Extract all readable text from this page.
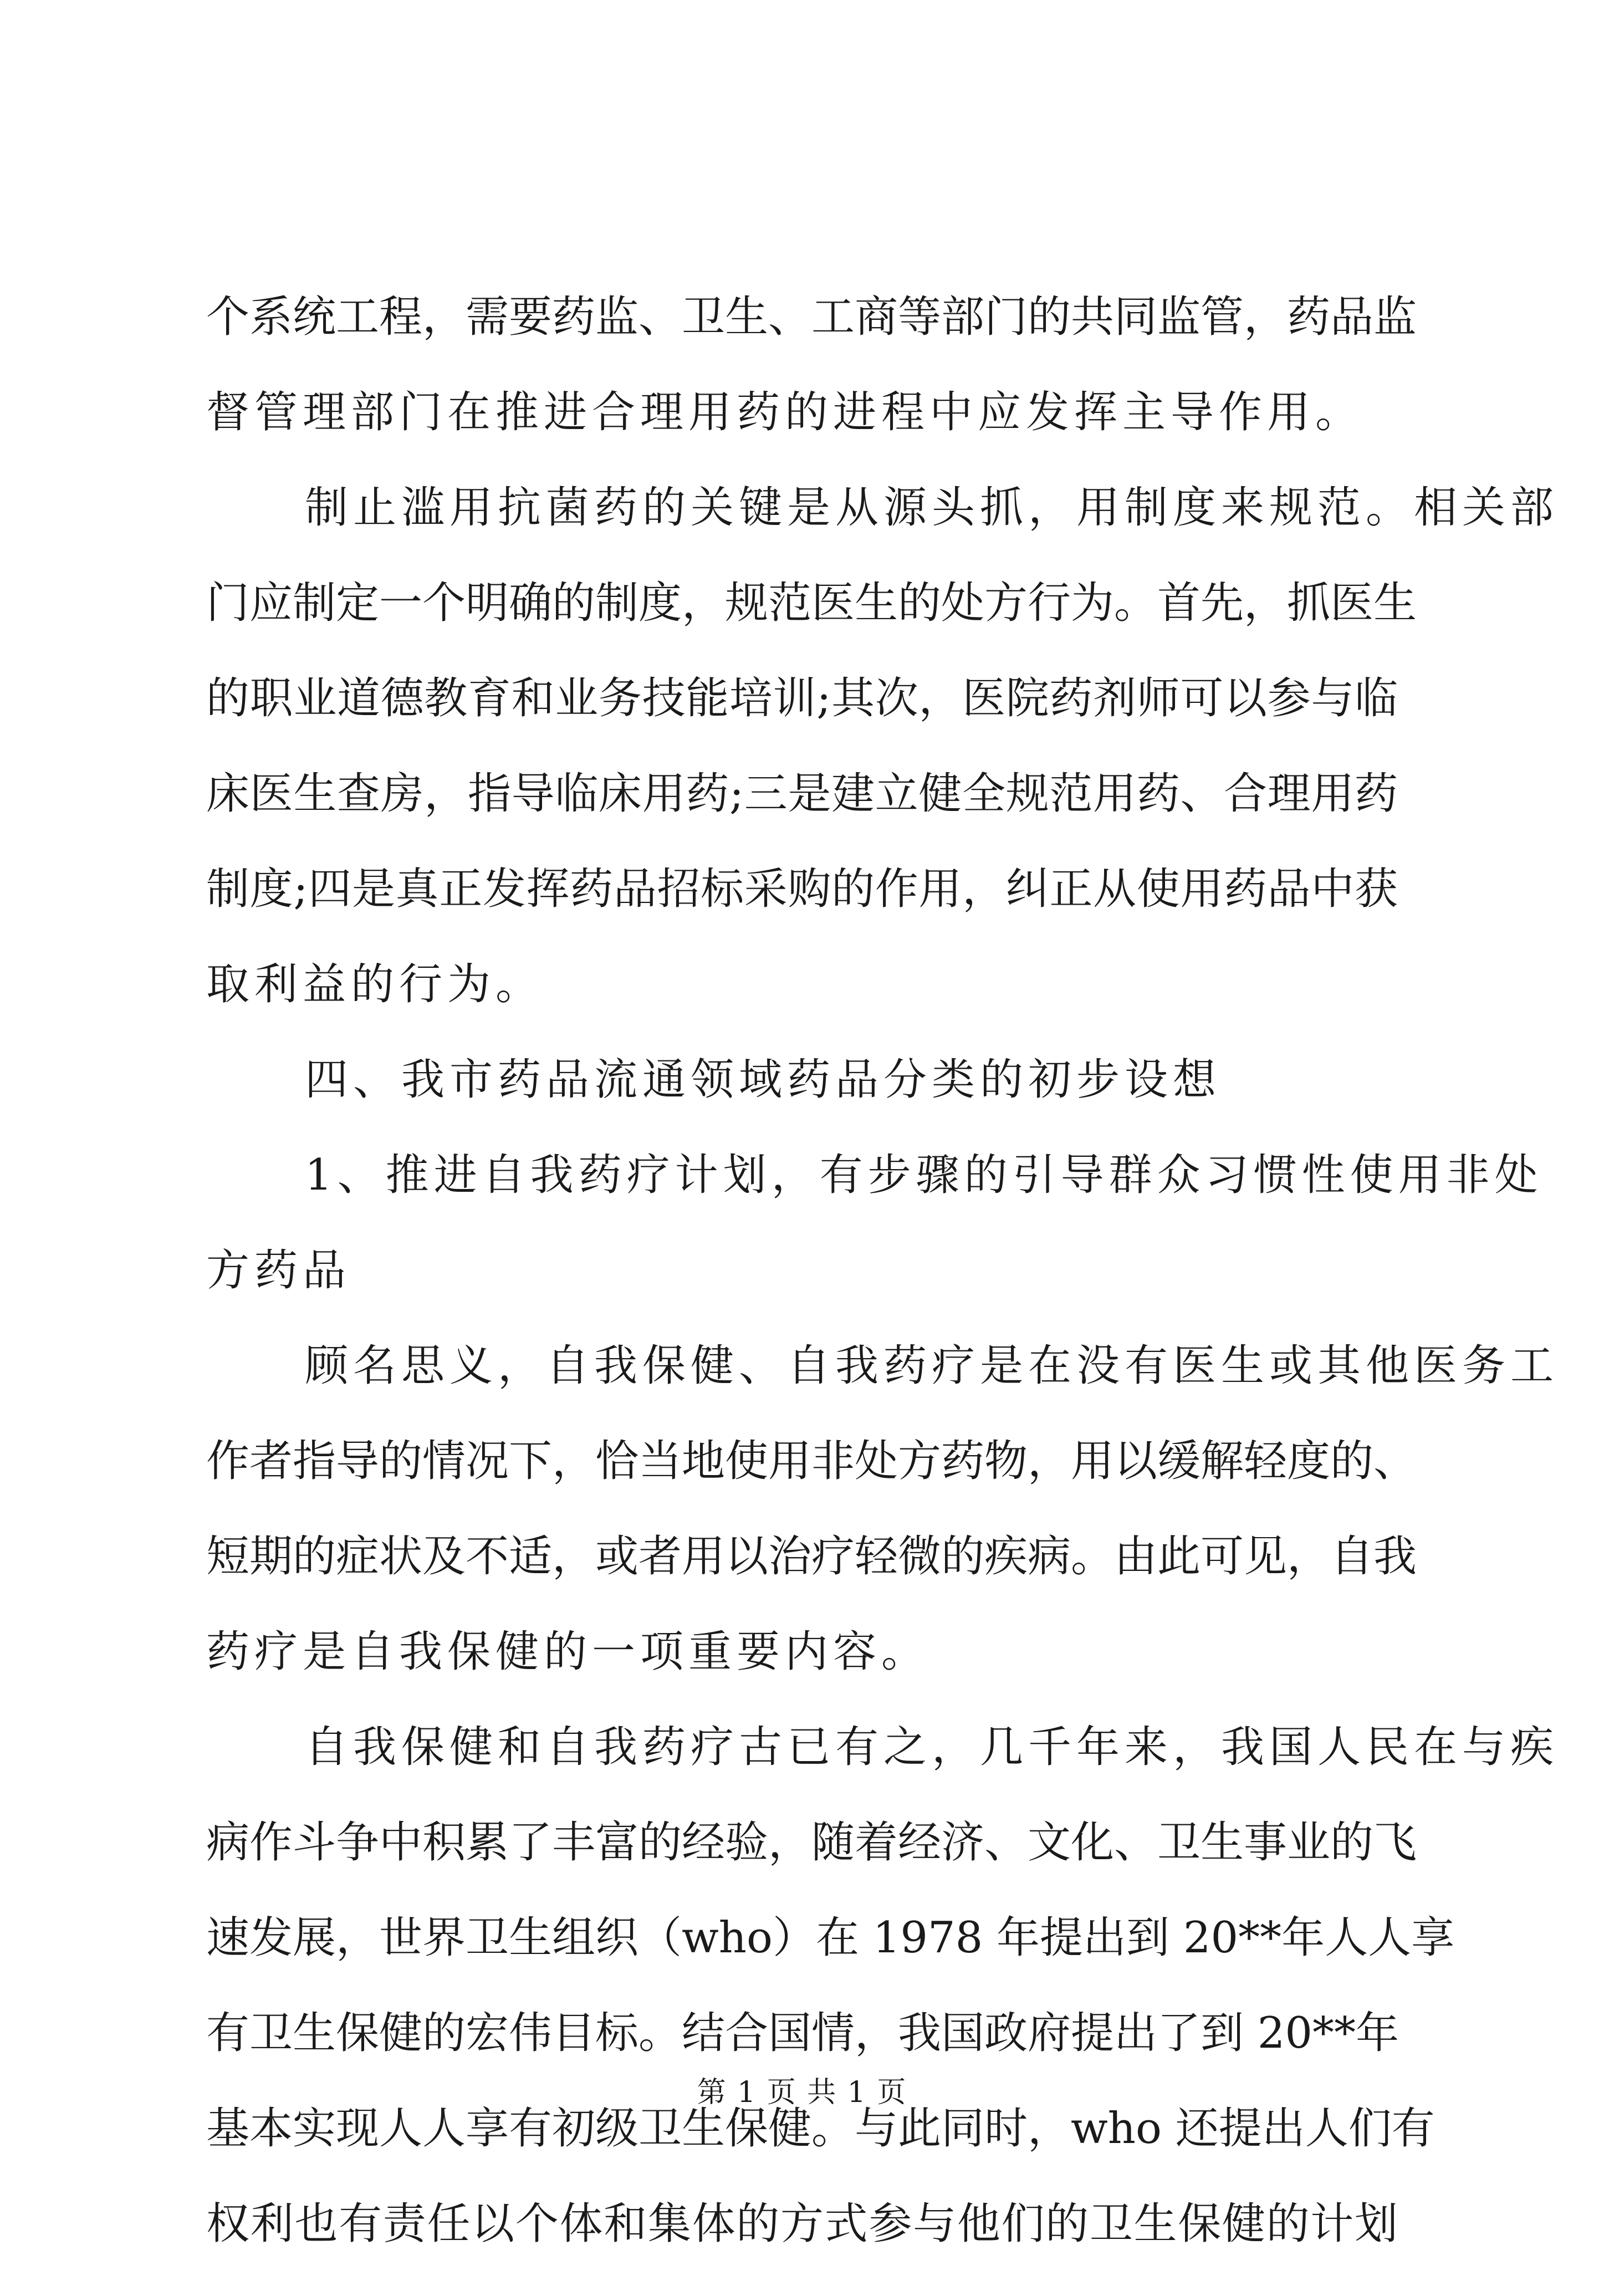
个系统工程，需要药监、卫生、工商等部门的共同监管，药品监
督管理部门在推进合理用药的进程中应发挥主导作用。
制止滥用抗菌药的关键是从源头抓，用制度来规范。相关部
门应制定一个明确的制度，规范医生的处方行为。首先，抓医生
的职业道德教育和业务技能培训;其次，医院药剂师可以参与临
床医生查房，指导临床用药;三是建立健全规范用药、合理用药
制度;四是真正发挥药品招标采购的作用，纠正从使用药品中获
取利益的行为。
四、我市药品流通领域药品分类的初步设想
1、推进自我药疗计划，有步骤的引导群众习惯性使用非处
方药品
顾名思义，自我保健、自我药疗是在没有医生或其他医务工
作者指导的情况下，恰当地使用非处方药物，用以缓解轻度的、
短期的症状及不适，或者用以治疗轻微的疾病。由此可见，自我
药疗是自我保健的一项重要内容。
自我保健和自我药疗古已有之，几千年来，我国人民在与疾
病作斗争中积累了丰富的经验，随着经济、文化、卫生事业的飞
速发展，世界卫生组织（who）在 1978 年提出到 20**年人人享
有卫生保健的宏伟目标。结合国情，我国政府提出了到 20**年
基本实现人人享有初级卫生保健。与此同时，who 还提出人们有
权利也有责任以个体和集体的方式参与他们的卫生保健的计划
第 1 页 共 1 页
